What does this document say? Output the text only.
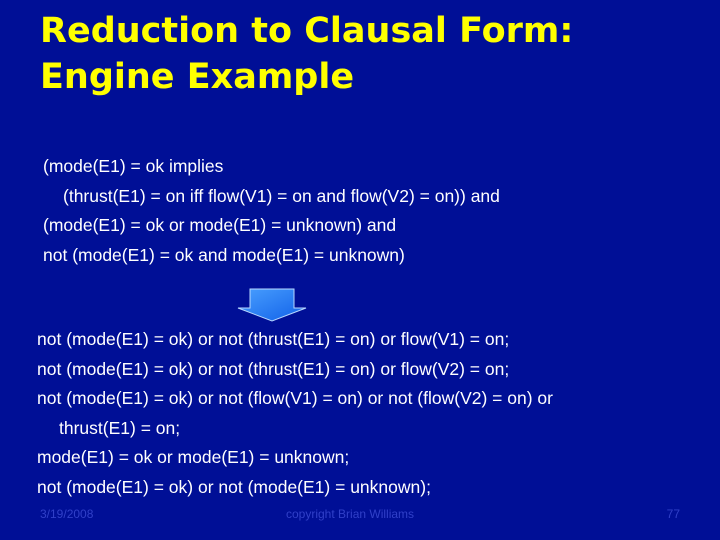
Reduction to Clausal Form:
Engine Example
(mode(E1) = ok implies
(thrust(E1) = on iff flow(V1) = on and flow(V2) = on)) and
(mode(E1) = ok or mode(E1) = unknown) and
not (mode(E1) = ok and mode(E1) = unknown)
not (mode(E1) = ok) or not (thrust(E1) = on) or flow(V1) = on;
not (mode(E1) = ok) or not (thrust(E1) = on) or flow(V2) = on;
not (mode(E1) = ok) or not (flow(V1) = on) or not (flow(V2) = on) or
thrust(E1) = on;
mode(E1) = ok or mode(E1) = unknown;
not (mode(E1) = ok) or not (mode(E1) = unknown);
3/19/2008	copyright Brian Williams	77
